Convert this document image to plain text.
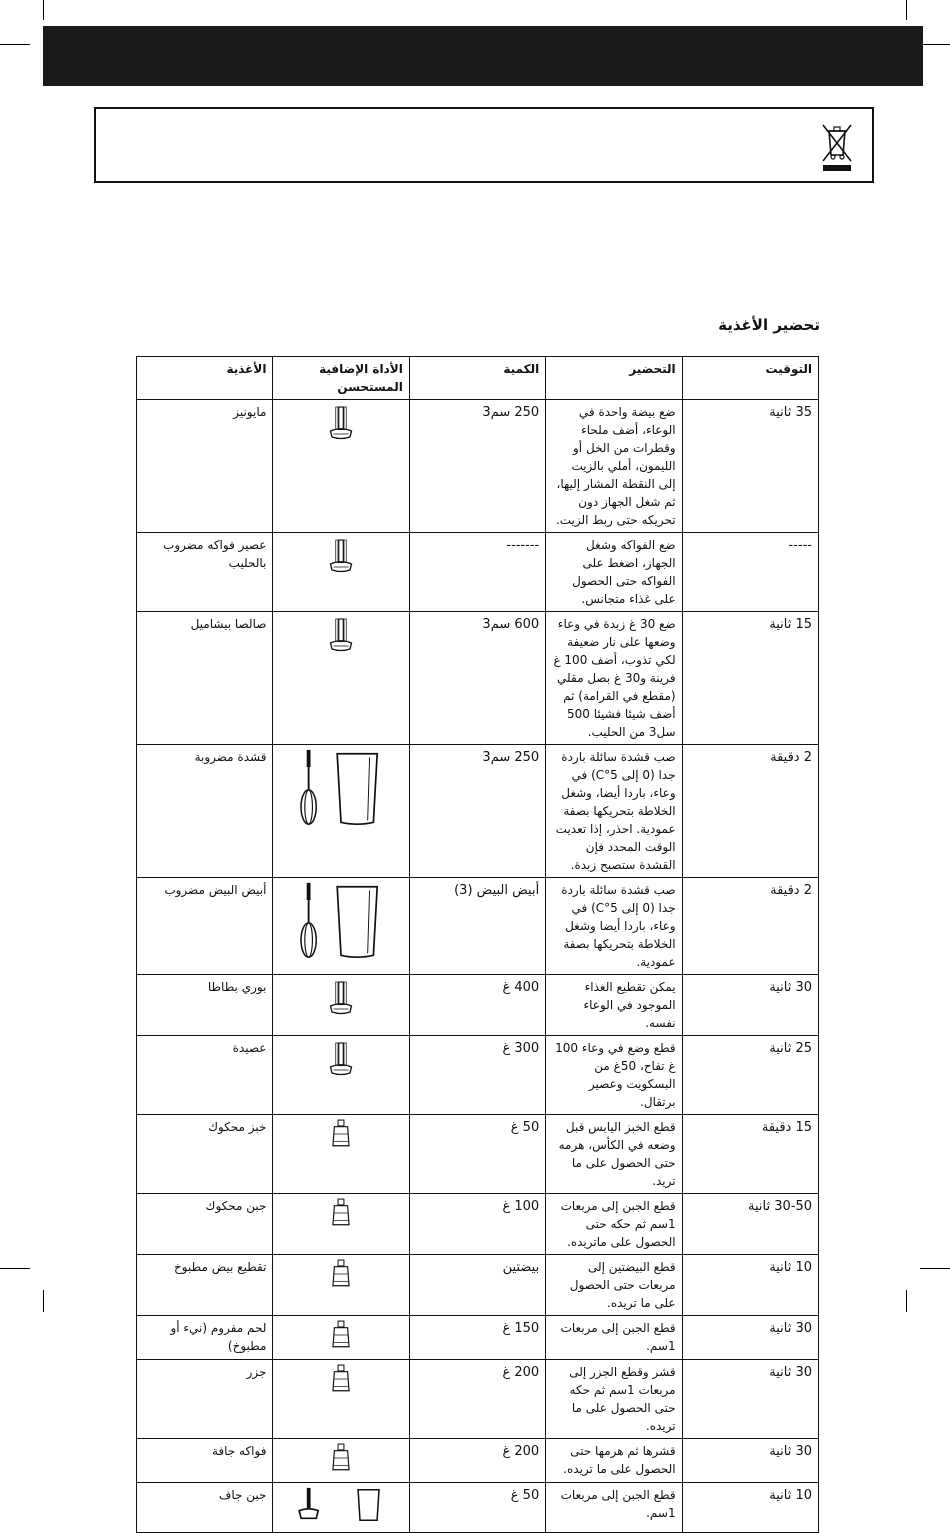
تحضير الأغذية
التوقيت	التحضير	الكمية	الأداة الإضافية المستحسن	الأغذية
35 ثانية	ضع بيضة واحدة في الوعاء، أضف ملحاء وقطرات من الخل أو الليمون، أملي بالزيت إلى النقطة المشار إليها، ثم شغل الجهاز دون تحريكه حتى ربط الزيت.	250 سم3		مايونيز
-----	ضع الفواكه وشغل الجهاز، اضغط على الفواكه حتى الحصول على غذاء متجانس.	-------		عصير فواكه مضروب بالحليب
15 ثانية	ضع 30 غ زبدة في وعاء وضعها على نار ضعيفة لكي تذوب، أضف 100 غ فرينة و30 غ بصل مقلي (مقطع في القرامة) ثم أضف شيئا فشيئا 500 سل3 من الحليب.	600 سم3		صالصا بيشاميل
2 دقيقة	صب قشدة سائلة باردة جدا (0 إلى C°5) في وعاء، باردا أيضا، وشغل الخلاطة بتحريكها بصفة عمودية. احذر، إذا تعديت الوقت المحدد فإن القشدة ستصبح زبدة.	250 سم3		قشدة مضروبة
2 دقيقة	صب قشدة سائلة باردة جدا (0 إلى C°5) في وعاء، باردا أيضا وشغل الخلاطة بتحريكها بصفة عمودية.	أبيض البيض (3)		أبيض البيض مضروب
30 ثانية	يمكن تقطيع الغذاء الموجود في الوعاء نفسه.	400 غ		بوري بطاطا
25 ثانية	قطع وضع في وعاء 100 غ تفاح، 50غ من البسكويت وعصير برتقال.	300 غ		عصيدة
15 دقيقة	قطع الخبز اليابس قبل وضعه في الكأس، هرمه حتى الحصول على ما تريد.	50 غ		خبز محكوك
30-50 ثانية	قطع الجبن إلى مربعات 1سم ثم حكه حتى الحصول على ماتريده.	100 غ		جبن محكوك
10 ثانية	قطع البيضتين إلى مربعات حتى الحصول على ما تريده.	بيضتين		تقطيع بيض مطبوخ
30 ثانية	قطع الجبن إلى مربعات 1سم.	150 غ		لحم مفروم (نيء أو مطبوخ)
30 ثانية	قشر وقطع الجزر إلى مربعات 1سم ثم حكه حتى الحصول على ما تريده.	200 غ		جزر
30 ثانية	قشرها ثم هرمها حتى الحصول على ما تريده.	200 غ		فواكه جافة
10 ثانية	قطع الجبن إلى مربعات 1سم.	50 غ		جبن جاف
